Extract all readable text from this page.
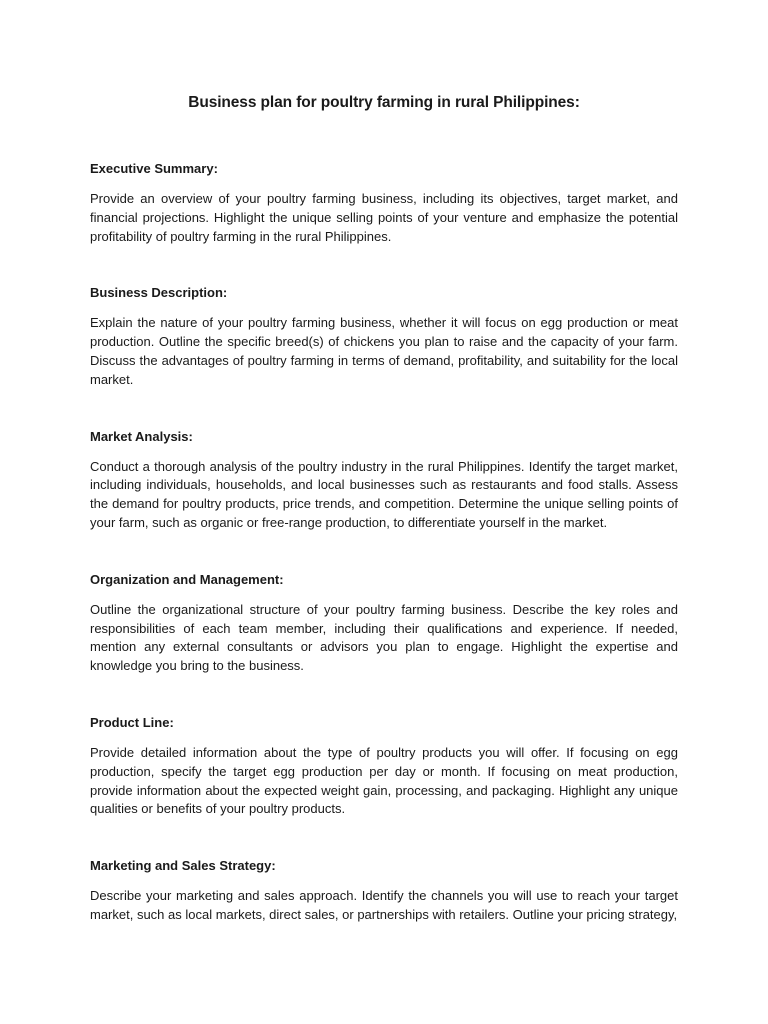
Business plan for poultry farming in rural Philippines:
Executive Summary:

Provide an overview of your poultry farming business, including its objectives, target market, and financial projections. Highlight the unique selling points of your venture and emphasize the potential profitability of poultry farming in the rural Philippines.

Business Description:

Explain the nature of your poultry farming business, whether it will focus on egg production or meat production. Outline the specific breed(s) of chickens you plan to raise and the capacity of your farm. Discuss the advantages of poultry farming in terms of demand, profitability, and suitability for the local market.

Market Analysis:

Conduct a thorough analysis of the poultry industry in the rural Philippines. Identify the target market, including individuals, households, and local businesses such as restaurants and food stalls. Assess the demand for poultry products, price trends, and competition. Determine the unique selling points of your farm, such as organic or free-range production, to differentiate yourself in the market.

Organization and Management:

Outline the organizational structure of your poultry farming business. Describe the key roles and responsibilities of each team member, including their qualifications and experience. If needed, mention any external consultants or advisors you plan to engage. Highlight the expertise and knowledge you bring to the business.

Product Line:

Provide detailed information about the type of poultry products you will offer. If focusing on egg production, specify the target egg production per day or month. If focusing on meat production, provide information about the expected weight gain, processing, and packaging. Highlight any unique qualities or benefits of your poultry products.

Marketing and Sales Strategy:

Describe your marketing and sales approach. Identify the channels you will use to reach your target market, such as local markets, direct sales, or partnerships with retailers. Outline your pricing strategy,
